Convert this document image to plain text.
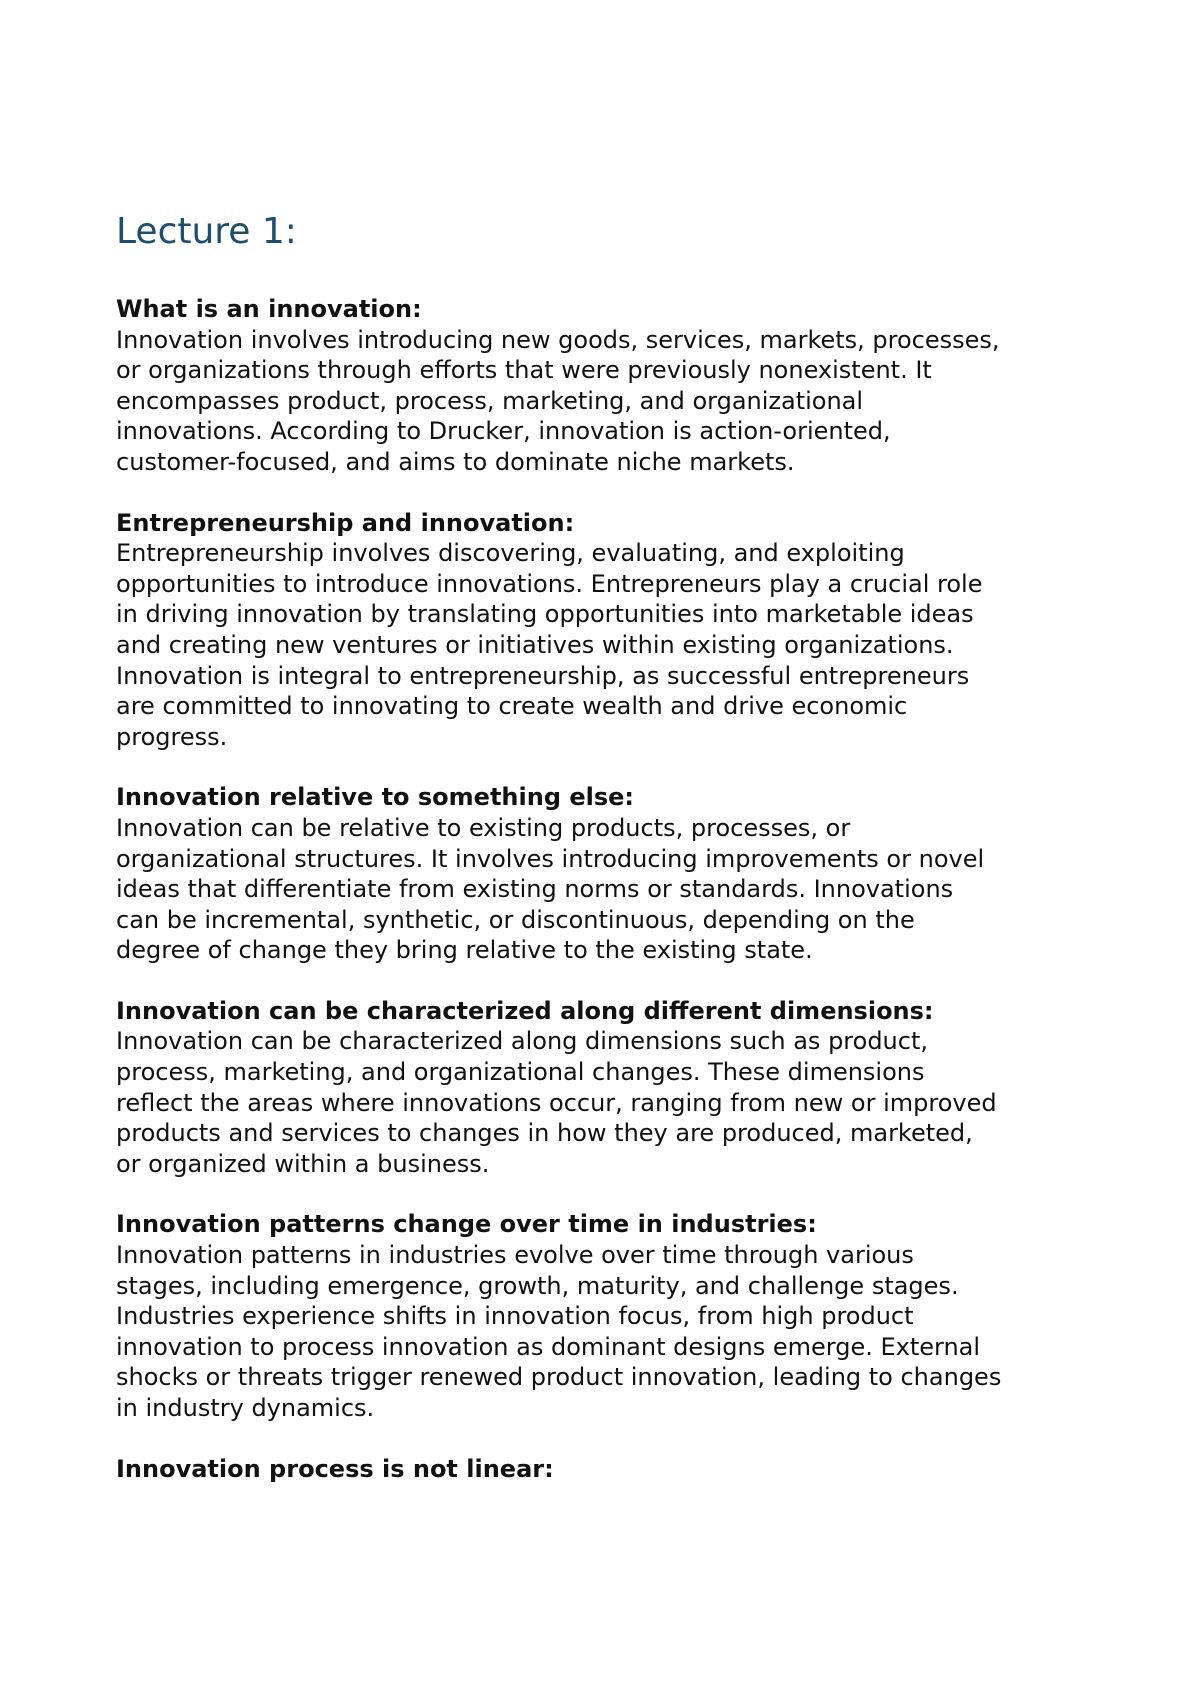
Lecture 1:

What is an innovation:

Innovation involves introducing new goods, services, markets, processes,
or organizations through efforts that were previously nonexistent. It
encompasses product, process, marketing, and organizational
innovations. According to Drucker, innovation is action-oriented,
customer-focused, and aims to dominate niche markets.

Entrepreneurship and innovation:

Entrepreneurship involves discovering, evaluating, and exploiting
opportunities to introduce innovations. Entrepreneurs play a crucial role
in driving innovation by translating opportunities into marketable ideas
and creating new ventures or initiatives within existing organizations.
Innovation is integral to entrepreneurship, as successful entrepreneurs
are committed to innovating to create wealth and drive economic
progress.

Innovation relative to something else:

Innovation can be relative to existing products, processes, or
organizational structures. It involves introducing improvements or novel
ideas that differentiate from existing norms or standards. Innovations
can be incremental, synthetic, or discontinuous, depending on the
degree of change they bring relative to the existing state.

Innovation can be characterized along different dimensions:

Innovation can be characterized along dimensions such as product,
process, marketing, and organizational changes. These dimensions
reflect the areas where innovations occur, ranging from new or improved
products and services to changes in how they are produced, marketed,
or organized within a business.

Innovation patterns change over time in industries:

Innovation patterns in industries evolve over time through various
stages, including emergence, growth, maturity, and challenge stages.
Industries experience shifts in innovation focus, from high product
innovation to process innovation as dominant designs emerge. External
shocks or threats trigger renewed product innovation, leading to changes
in industry dynamics.

Innovation process is not linear:
